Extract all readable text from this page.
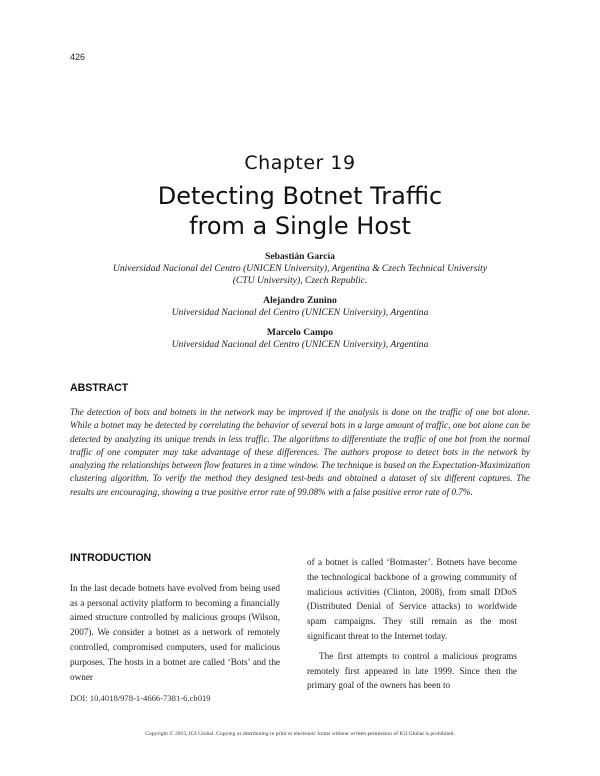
426
Chapter 19
Detecting Botnet Traffic
from a Single Host
Sebastián García
Universidad Nacional del Centro (UNICEN University), Argentina & Czech Technical University
(CTU University), Czech Republic.
Alejandro Zunino
Universidad Nacional del Centro (UNICEN University), Argentina
Marcelo Campo
Universidad Nacional del Centro (UNICEN University), Argentina
ABSTRACT
The detection of bots and botnets in the network may be improved if the analysis is done on the traffic of one bot alone. While a botnet may be detected by correlating the behavior of several bots in a large amount of traffic, one bot alone can be detected by analyzing its unique trends in less traffic. The algorithms to differentiate the traffic of one bot from the normal traffic of one computer may take advantage of these differences. The authors propose to detect bots in the network by analyzing the relationships between flow features in a time window. The technique is based on the Expectation-Maximization clustering algorithm. To verify the method they designed test-beds and obtained a dataset of six different captures. The results are encouraging, showing a true positive error rate of 99.08% with a false positive error rate of 0.7%.
INTRODUCTION

In the last decade botnets have evolved from being used as a personal activity platform to becoming a financially aimed structure controlled by malicious groups (Wilson, 2007). We consider a botnet as a network of remotely controlled, compromised computers, used for malicious purposes. The hosts in a botnet are called ‘Bots’ and the owner

of a botnet is called ‘Botmaster’. Botnets have become the technological backbone of a growing community of malicious activities (Clinton, 2008), from small DDoS (Distributed Denial of Service attacks) to worldwide spam campaigns. They still remain as the most significant threat to the Internet today.

The first attempts to control a malicious programs remotely first appeared in late 1999. Since then the primary goal of the owners has been to

DOI: 10.4018/978-1-4666-7381-6.ch019
Copyright © 2015, IGI Global. Copying or distributing in print or electronic forms without written permission of IGI Global is prohibited.
